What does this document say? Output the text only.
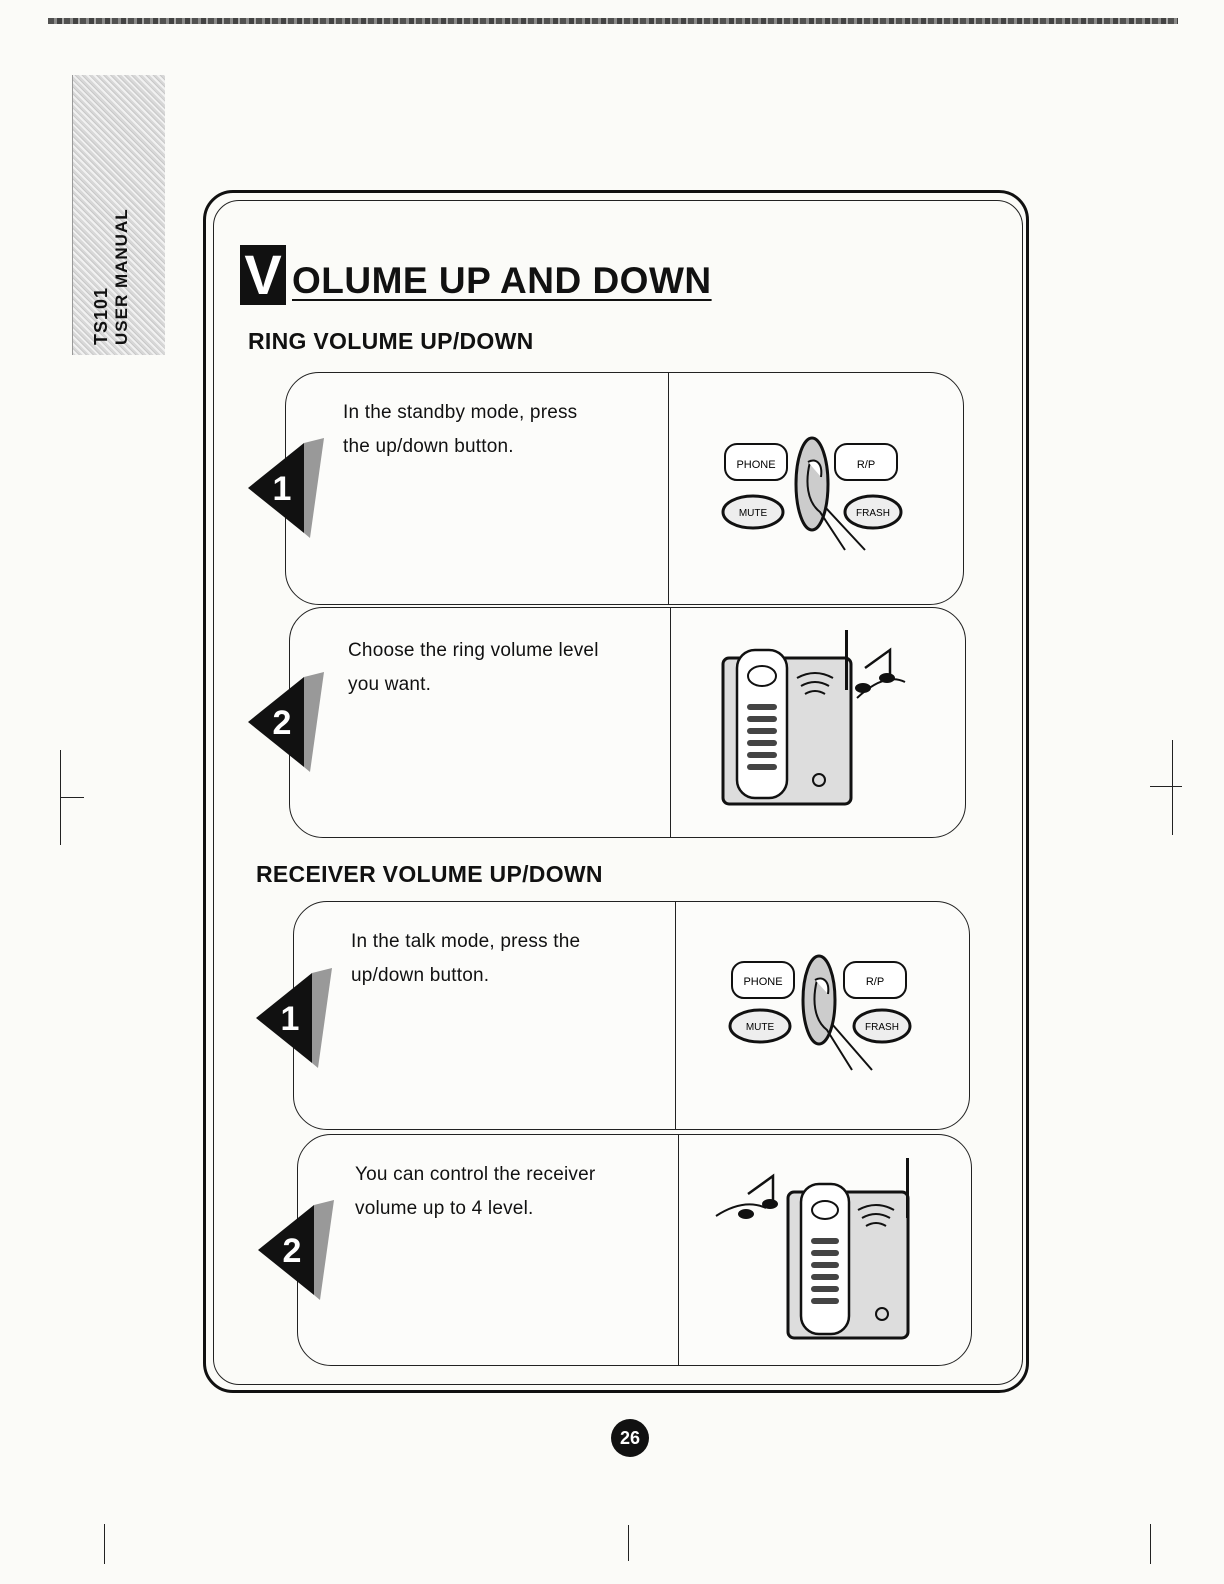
TS101 USER MANUAL V OLUME UP AND DOWN
RING VOLUME UP/DOWN
In the standby mode, press
the up/down button.
1
PHONE	R/P
MUTE	FRASH
Choose the ring volume level
you want.
2
RECEIVER VOLUME UP/DOWN
In the talk mode, press the
up/down button.
1
PHONE	R/P
MUTE	FRASH
You can control the receiver
volume up to 4 level.
2
26
